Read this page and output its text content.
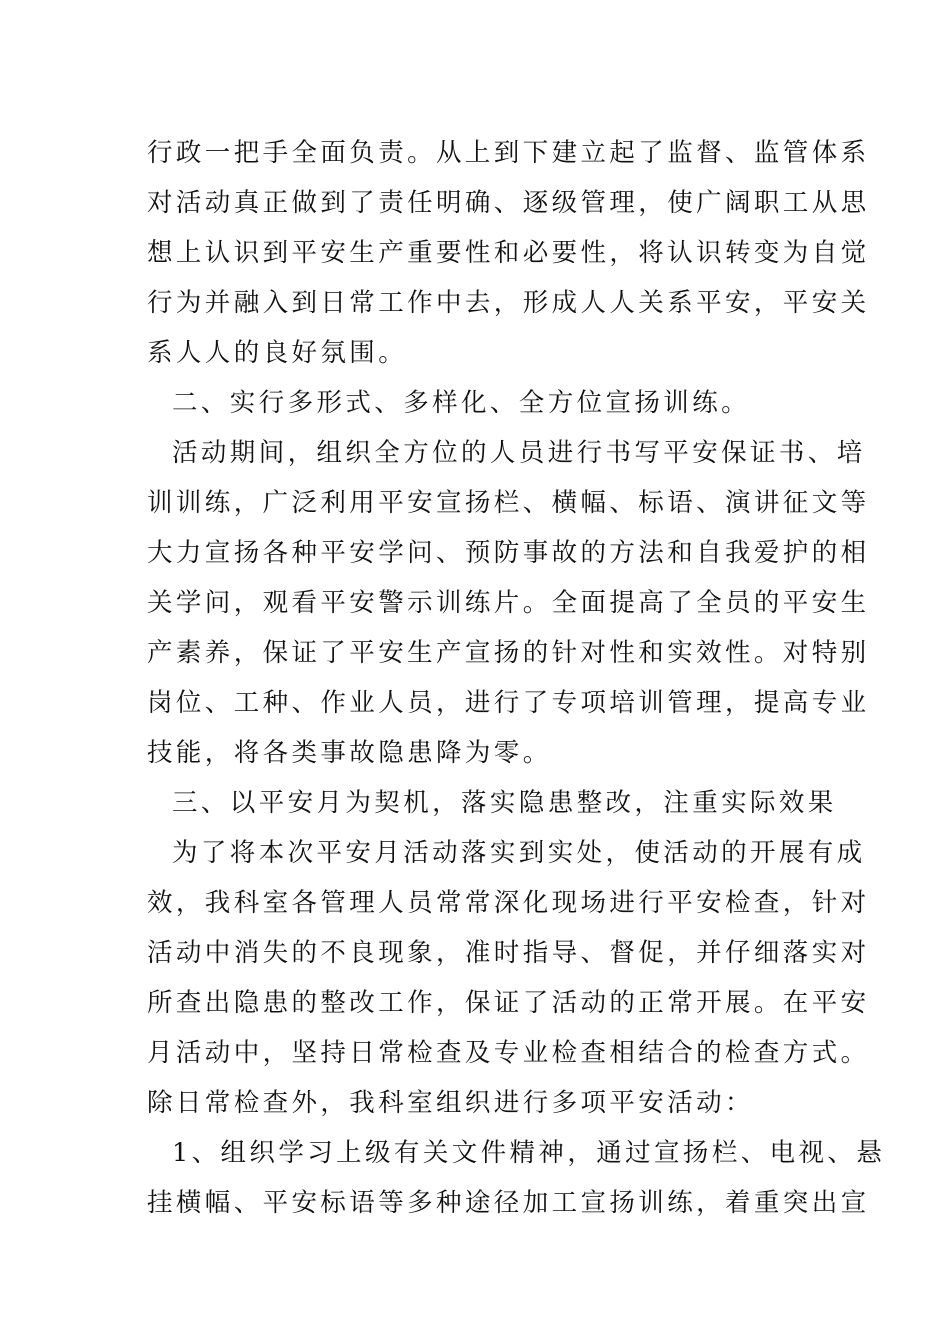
行政一把手全面负责。从上到下建立起了监督、监管体系
对活动真正做到了责任明确、逐级管理，使广阔职工从思
想上认识到平安生产重要性和必要性，将认识转变为自觉
行为并融入到日常工作中去，形成人人关系平安，平安关
系人人的良好氛围。
二、实行多形式、多样化、全方位宣扬训练。
活动期间，组织全方位的人员进行书写平安保证书、培
训训练，广泛利用平安宣扬栏、横幅、标语、演讲征文等
大力宣扬各种平安学问、预防事故的方法和自我爱护的相
关学问，观看平安警示训练片。全面提高了全员的平安生
产素养，保证了平安生产宣扬的针对性和实效性。对特别
岗位、工种、作业人员，进行了专项培训管理，提高专业
技能，将各类事故隐患降为零。
三、以平安月为契机，落实隐患整改，注重实际效果
为了将本次平安月活动落实到实处，使活动的开展有成
效，我科室各管理人员常常深化现场进行平安检查，针对
活动中消失的不良现象，准时指导、督促，并仔细落实对
所查出隐患的整改工作，保证了活动的正常开展。在平安
月活动中，坚持日常检查及专业检查相结合的检查方式。
除日常检查外，我科室组织进行多项平安活动：
1、组织学习上级有关文件精神，通过宣扬栏、电视、悬
挂横幅、平安标语等多种途径加工宣扬训练，着重突出宣
